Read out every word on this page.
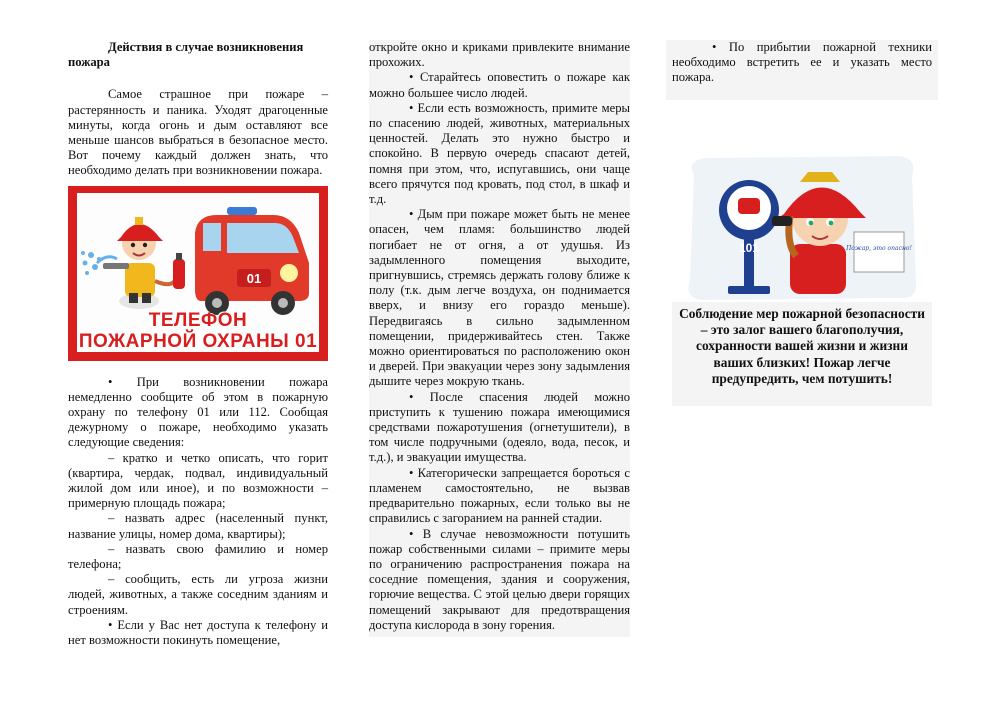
Действия в случае возникновения пожара

Самое страшное при пожаре – растерянность и паника. Уходят драгоценные минуты, когда огонь и дым оставляют все меньше шансов выбраться в безопасное место. Вот почему каждый должен знать, что необходимо делать при возникновении пожара.

01
ТЕЛЕФОН
ПОЖАРНОЙ ОХРАНЫ 01

• При возникновении пожара немедленно сообщите об этом в пожарную охрану по телефону 01 или 112. Сообщая дежурному о пожаре, необходимо указать следующие сведения:

– кратко и четко описать, что горит (квартира, чердак, подвал, индивидуальный жилой дом или иное), и по возможности – примерную площадь пожара;

– назвать адрес (населенный пункт, название улицы, номер дома, квартиры);

– назвать свою фамилию и номер телефона;

– сообщить, есть ли угроза жизни людей, животных, а также соседним зданиям и строениям.

• Если у Вас нет доступа к телефону и нет возможности покинуть помещение,

откройте окно и криками привлеките внимание прохожих.

• Старайтесь оповестить о пожаре как можно большее число людей.

• Если есть возможность, примите меры по спасению людей, животных, материальных ценностей. Делать это нужно быстро и спокойно. В первую очередь спасают детей, помня при этом, что, испугавшись, они чаще всего прячутся под кровать, под стол, в шкаф и т.д.

• Дым при пожаре может быть не менее опасен, чем пламя: большинство людей погибает не от огня, а от удушья. Из задымленного помещения выходите, пригнувшись, стремясь держать голову ближе к полу (т.к. дым легче воздуха, он поднимается вверх, и внизу его гораздо меньше). Передвигаясь в сильно задымленном помещении, придерживайтесь стен. Также можно ориентироваться по расположению окон и дверей. При эвакуации через зону задымления дышите через мокрую ткань.

• После спасения людей можно приступить к тушению пожара имеющимися средствами пожаротушения (огнетушители), в том числе подручными (одеяло, вода, песок, и т.д.), и эвакуации имущества.

• Категорически запрещается бороться с пламенем самостоятельно, не вызвав предварительно пожарных, если только вы не справились с загоранием на ранней стадии.

• В случае невозможности потушить пожар собственными силами – примите меры по ограничению распространения пожара на соседние помещения, здания и сооружения, горючие вещества. С этой целью двери горящих помещений закрывают для предотвращения доступа кислорода в зону горения.

• По прибытии пожарной техники необходимо встретить ее и указать место пожара.

101	Пожар, это опасно!

Соблюдение мер пожарной безопасности – это залог вашего благополучия, сохранности вашей жизни и жизни ваших близких! Пожар легче предупредить, чем потушить!
